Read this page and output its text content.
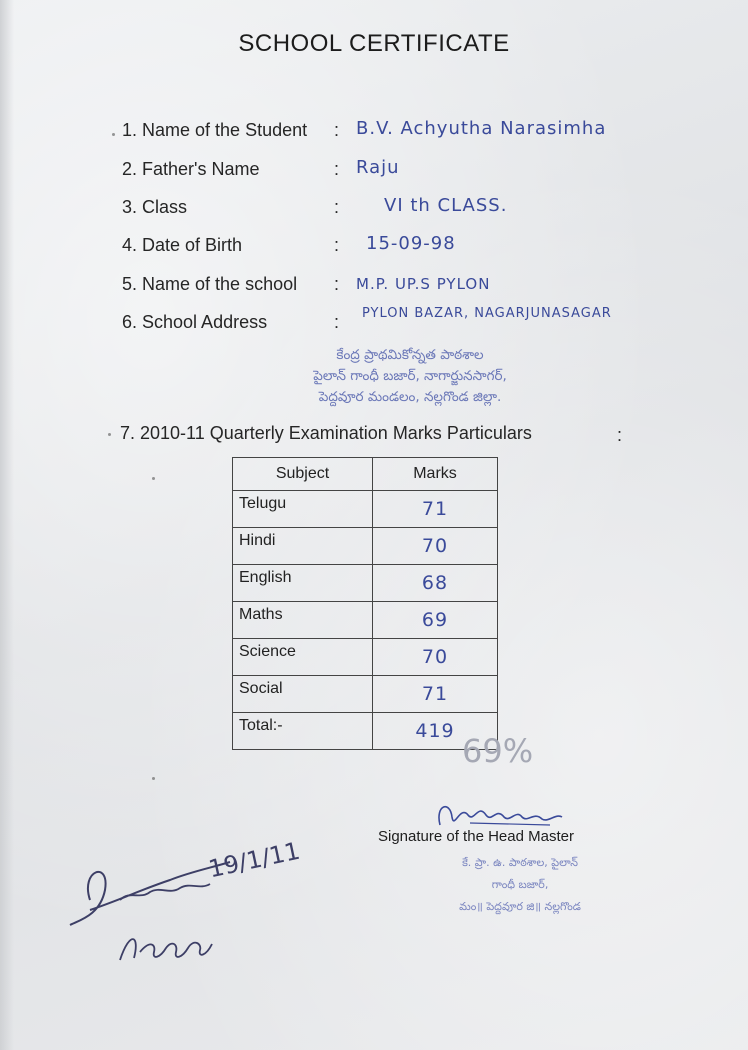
SCHOOL CERTIFICATE
1. Name of the Student : B.V. Achyutha Narasimha
2. Father's Name	: Raju
3. Class	: VI th CLASS.
4. Date of Birth	: 15-09-98
5. Name of the school : M.P. UP.S PYLON
6. School Address	: PYLON BAZAR, NAGARJUNASAGAR
కేంద్ర ప్రాథమికోన్నత పాఠశాల
పైలాన్ గాంధీ బజార్, నాగార్జునసాగర్,
పెద్దవూర మండలం, నల్లగొండ జిల్లా.
7. 2010-11 Quarterly Examination Marks Particulars	:
Subject	Marks
Telugu	71
Hindi	70
English	68
Maths	69
Science	70
Social	71
Total:-	419
69%
Signature of the Head Master
కే. ప్రా. ఉ. పాఠశాల, పైలాన్
గాంధీ బజార్,
మం॥ పెద్దవూర జి॥ నల్లగొండ
19/1/11
